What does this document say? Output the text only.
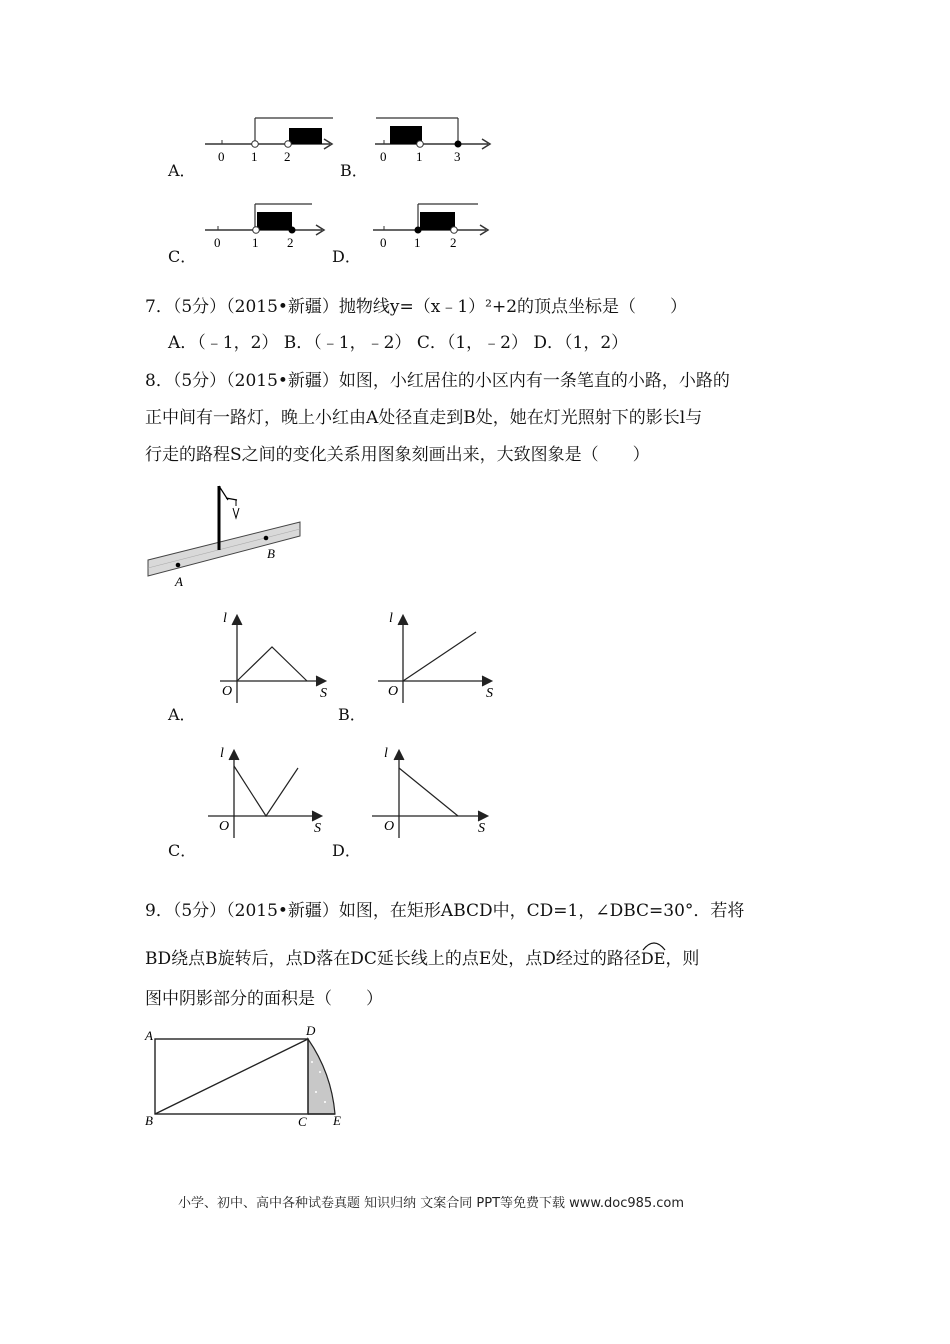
A．	B．
C．	D．
0 1 2	0 1 3
0 1 2	0 1 2
7．（5分）（2015•新疆）抛物线y=（x﹣1）²+2的顶点坐标是（　　）
A．（﹣1，2） B．（﹣1，﹣2） C．（1，﹣2） D．（1，2）
8．（5分）（2015•新疆）如图，小红居住的小区内有一条笔直的小路，小路的
正中间有一路灯，晚上小红由A处径直走到B处，她在灯光照射下的影长l与
行走的路程S之间的变化关系用图象刻画出来，大致图象是（　　）
A
B
A．	B．
C．	D．
l
O	S
l
O	S
l
O	S
l
O	S
9．（5分）（2015•新疆）如图，在矩形ABCD中，CD=1，∠DBC=30°．若将
BD绕点B旋转后，点D落在DC延长线上的点E处，点D经过的路径
DE，则
图中阴影部分的面积是（　　）
A	D
B	C E
小学、初中、高中各种试卷真题 知识归纳 文案合同 PPT等免费下载 www.doc985.com
